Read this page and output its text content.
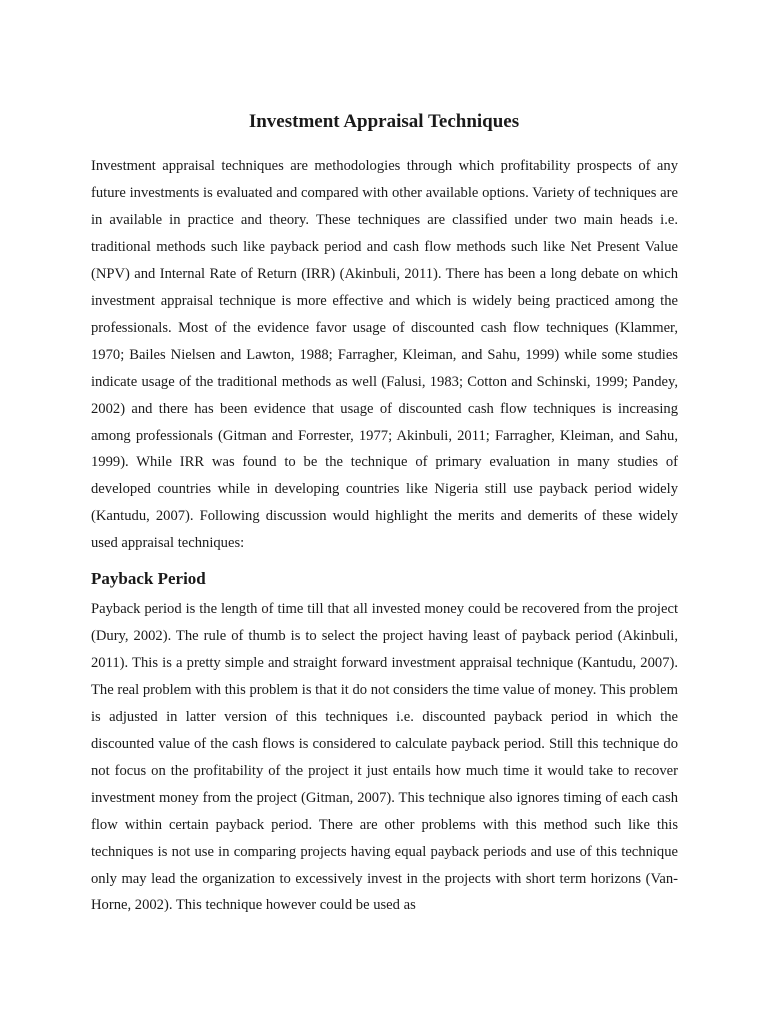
Investment Appraisal Techniques

Investment appraisal techniques are methodologies through which profitability prospects of any future investments is evaluated and compared with other available options. Variety of techniques are in available in practice and theory. These techniques are classified under two main heads i.e. traditional methods such like payback period and cash flow methods such like Net Present Value (NPV) and Internal Rate of Return (IRR) (Akinbuli, 2011). There has been a long debate on which investment appraisal technique is more effective and which is widely being practiced among the professionals. Most of the evidence favor usage of discounted cash flow techniques (Klammer, 1970; Bailes Nielsen and Lawton, 1988; Farragher, Kleiman, and Sahu, 1999) while some studies indicate usage of the traditional methods as well (Falusi, 1983; Cotton and Schinski, 1999; Pandey, 2002) and there has been evidence that usage of discounted cash flow techniques is increasing among professionals (Gitman and Forrester, 1977; Akinbuli, 2011; Farragher, Kleiman, and Sahu, 1999). While IRR was found to be the technique of primary evaluation in many studies of developed countries while in developing countries like Nigeria still use payback period widely (Kantudu, 2007). Following discussion would highlight the merits and demerits of these widely used appraisal techniques:

Payback Period

Payback period is the length of time till that all invested money could be recovered from the project (Dury, 2002). The rule of thumb is to select the project having least of payback period (Akinbuli, 2011). This is a pretty simple and straight forward investment appraisal technique (Kantudu, 2007). The real problem with this problem is that it do not considers the time value of money. This problem is adjusted in latter version of this techniques i.e. discounted payback period in which the discounted value of the cash flows is considered to calculate payback period. Still this technique do not focus on the profitability of the project it just entails how much time it would take to recover investment money from the project (Gitman, 2007). This technique also ignores timing of each cash flow within certain payback period. There are other problems with this method such like this techniques is not use in comparing projects having equal payback periods and use of this technique only may lead the organization to excessively invest in the projects with short term horizons (Van-Horne, 2002). This technique however could be used as
